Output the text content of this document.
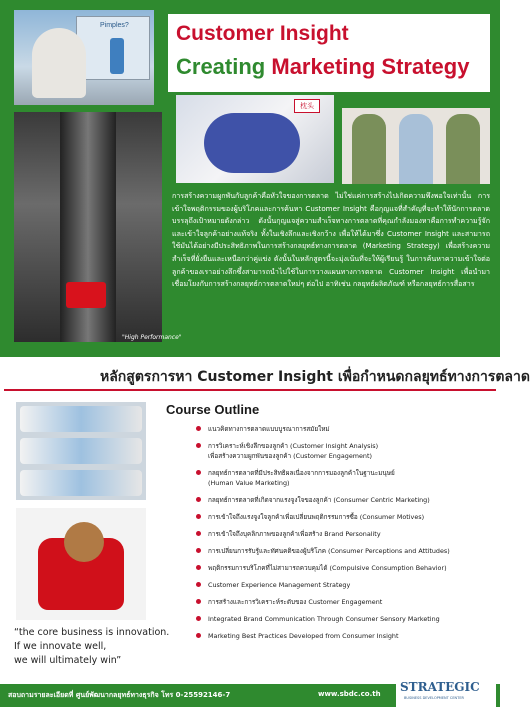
Customer Insight
Creating Marketing Strategy
Pimples?
"High Performance"
枕头
การสร้างความผูกพันกับลูกค้าคือหัวใจของการตลาด ไม่ใช่แค่การสร้างไปเกิดความพึงพอใจเท่านั้น การเข้าใจพฤติกรรมของผู้บริโภคและการค้นหา Customer Insight คือกุญแจที่สำคัญที่จะทำให้นักการตลาดบรรลุถึงเป้าหมายดังกล่าว ดังนั้นกุญแจสู่ความสำเร็จทางการตลาดที่คุณกำลังมองหาคือการทำความรู้จักและเข้าใจลูกค้าอย่างแท้จริง ทั้งในเชิงลึกและเชิงกว้าง เพื่อให้ได้มาซึ่ง Customer Insight และสามารถใช้มันได้อย่างมีประสิทธิภาพในการสร้างกลยุทธ์ทางการตลาด (Marketing Strategy) เพื่อสร้างความสำเร็จที่ยั่งยืนและเหนือกว่าคู่แข่ง ดังนั้นในหลักสูตรนี้จะมุ่งเน้นที่จะให้ผู้เรียนรู้ ในการค้นหาความเข้าใจต่อลูกค้าของเราอย่างลึกซึ้งสามารถนำไปใช้ในการวางแผนทางการตลาด Customer Insight เพื่อนำมาเชื่อมโยงกับการสร้างกลยุทธ์การตลาดใหม่ๆ ต่อไป อาทิเช่น กลยุทธ์ผลิตภัณฑ์ หรือกลยุทธ์การสื่อสาร
หลักสูตรการหา Customer Insight เพื่อกำหนดกลยุทธ์ทางการตลาด
“the core business is innovation.
If we innovate well,
we will ultimately win”
Course Outline
แนวคิดทางการตลาดแบบบูรณาการสมัยใหม่
การวิเคราะห์เชิงลึกของลูกค้า (Customer Insight Analysis)
เพื่อสร้างความผูกพันของลูกค้า (Customer Engagement)
กลยุทธ์การตลาดที่มีประสิทธิผลเนื่องจากการมองลูกค้าในฐานะมนุษย์
(Human Value Marketing)
กลยุทธ์การตลาดที่เกิดจากแรงจูงใจของลูกค้า (Consumer Centric Marketing)
การเข้าใจถึงแรงจูงใจลูกค้าเพื่อเปลี่ยนพฤติกรรมการซื้อ (Consumer Motives)
การเข้าใจถึงบุคลิกภาพของลูกค้าเพื่อสร้าง Brand Personality
การเปลี่ยนการรับรู้และทัศนคติของผู้บริโภค (Consumer Perceptions and Attitudes)
พฤติกรรมการบริโภคที่ไม่สามารถควบคุมได้ (Compulsive Consumption Behavior)
Customer Experience Management Strategy
การสร้างและการวิเคราะห์ระดับของ Customer Engagement
Integrated Brand Communication Through Consumer Sensory Marketing
Marketing Best Practices Developed from Consumer Insight
สอบถามรายละเอียดที่ ศูนย์พัฒนากลยุทธ์ทางธุรกิจ โทร 0-25592146-7	www.sbdc.co.th STRATEGIC
BUSINESS DEVELOPMENT CENTER
